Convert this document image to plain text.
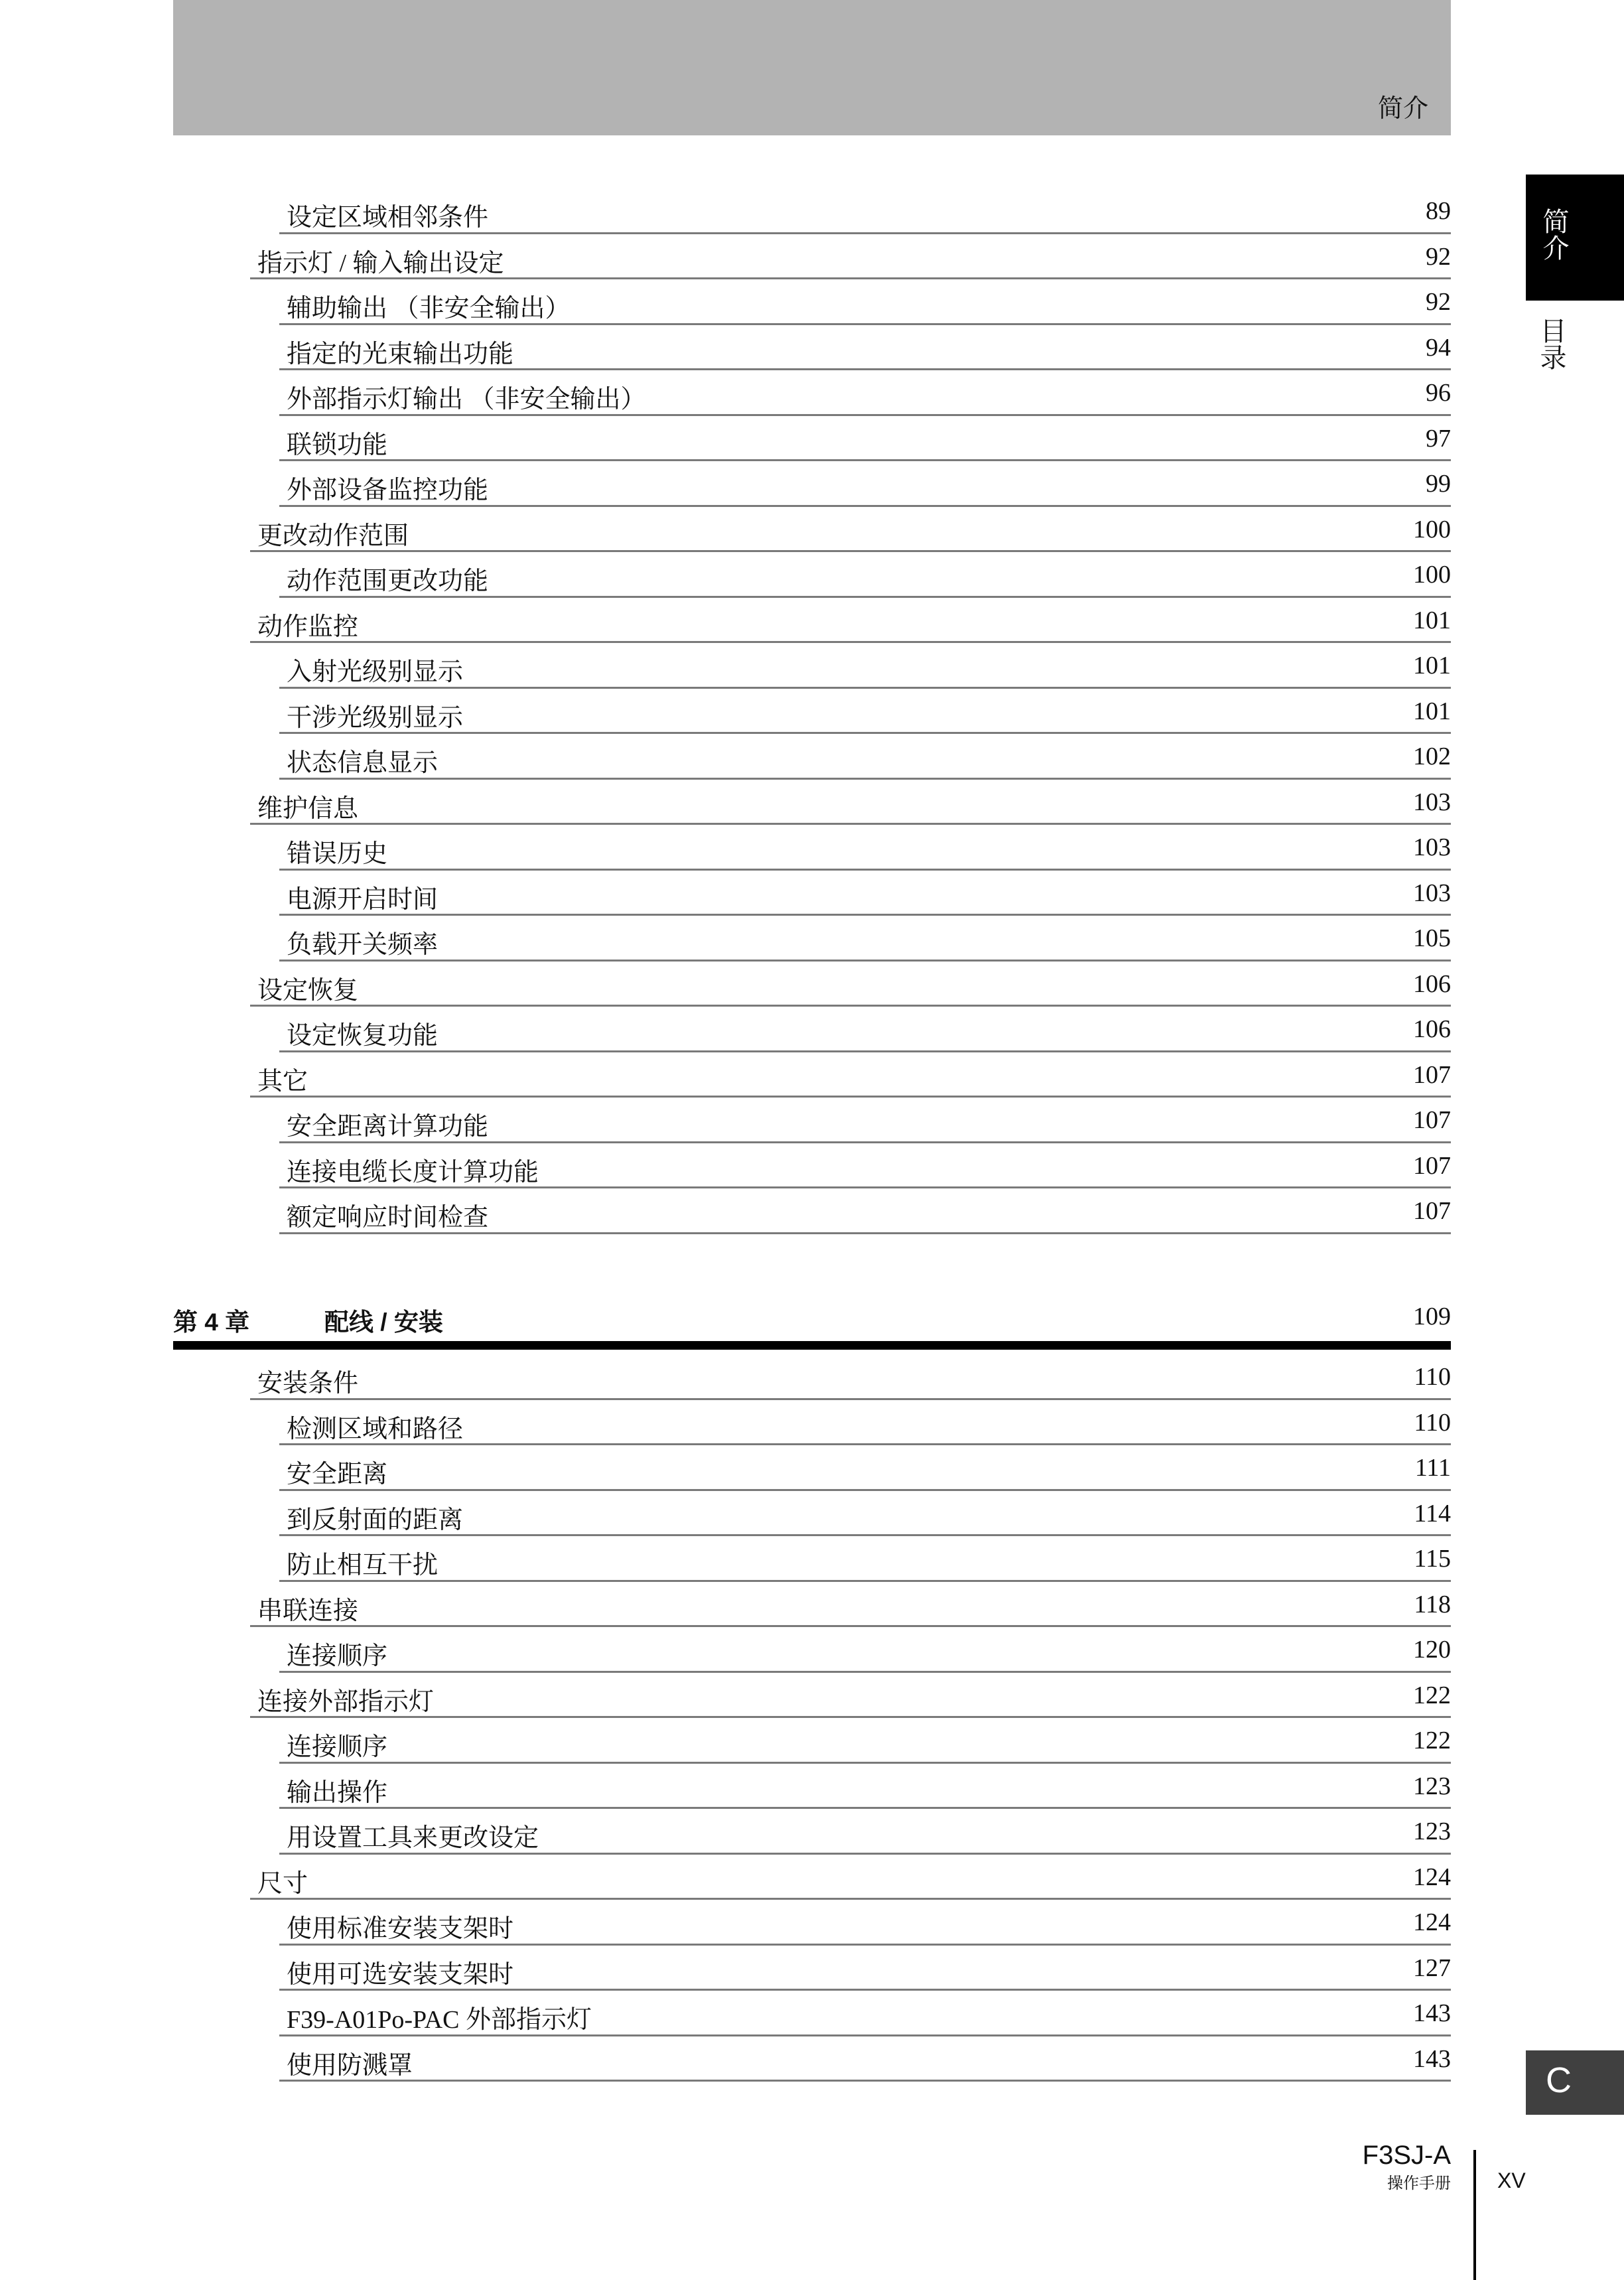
简介
简介
目录
C
设定区域相邻条件	89
指示灯 / 输入输出设定	92
辅助输出 （非安全输出）	92
指定的光束输出功能	94
外部指示灯输出 （非安全输出）	96
联锁功能	97
外部设备监控功能	99
更改动作范围	100
动作范围更改功能	100
动作监控	101
入射光级别显示	101
干涉光级别显示	101
状态信息显示	102
维护信息	103
错误历史	103
电源开启时间	103
负载开关频率	105
设定恢复	106
设定恢复功能	106
其它	107
安全距离计算功能	107
连接电缆长度计算功能	107
额定响应时间检查	107
第 4 章	配线 / 安装	109
安装条件	110
检测区域和路径	110
安全距离	111
到反射面的距离	114
防止相互干扰	115
串联连接	118
连接顺序	120
连接外部指示灯	122
连接顺序	122
输出操作	123
用设置工具来更改设定	123
尺寸	124
使用标准安装支架时	124
使用可选安装支架时	127
F39-A01Po-PAC 外部指示灯	143
使用防溅罩	143
F3SJ-A
操作手册 XV
